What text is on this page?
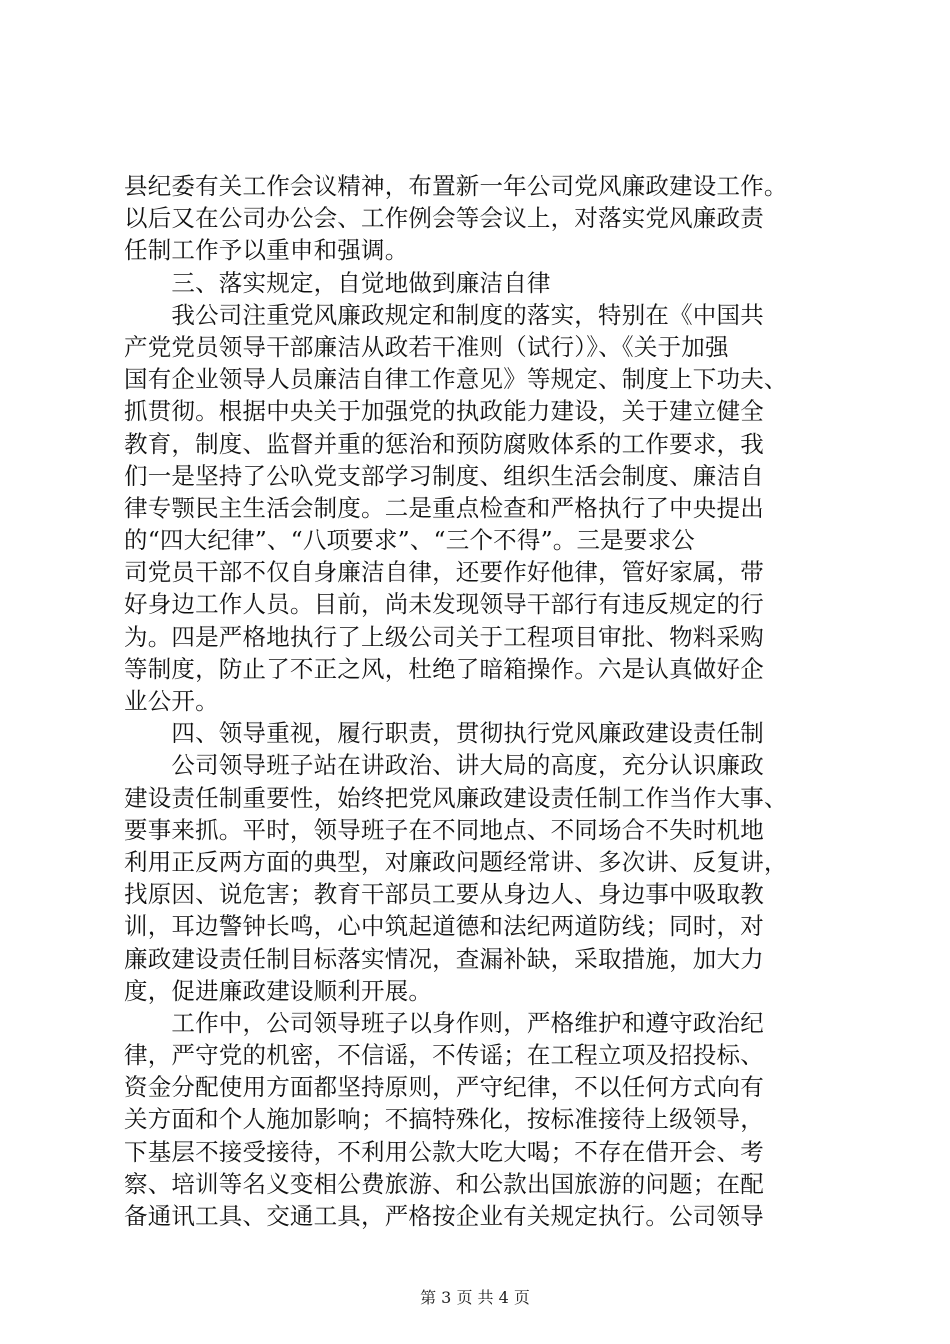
县纪委有关工作会议精神，布置新一年公司党风廉政建设工作。
以后又在公司办公会、工作例会等会议上，对落实党风廉政责
任制工作予以重申和强调。
　　三、落实规定，自觉地做到廉洁自律
　　我公司注重党风廉政规定和制度的落实，特别在《中国共
产党党员领导干部廉洁从政若干准则（试行）》、《关于加强
国有企业领导人员廉洁自律工作意见》等规定、制度上下功夫、
抓贯彻。根据中央关于加强党的执政能力建设，关于建立健全
教育，制度、监督并重的惩治和预防腐败体系的工作要求，我
们一是坚持了公叺党支部学习制度、组织生活会制度、廉洁自
律专颚民主生活会制度。二是重点检查和严格执行了中央提出
的“四大纪律”、“八项要求”、“三个不得”。三是要求公
司党员干部不仅自身廉洁自律，还要作好他律，管好家属，带
好身边工作人员。目前，尚未发现领导干部行有违反规定的行
为。四是严格地执行了上级公司关于工程项目审批、物料采购
等制度，防止了不正之风，杜绝了暗箱操作。六是认真做好企
业公开。
　　四、领导重视，履行职责，贯彻执行党风廉政建设责任制
　　公司领导班子站在讲政治、讲大局的高度，充分认识廉政
建设责任制重要性，始终把党风廉政建设责任制工作当作大事、
要事来抓。平时，领导班子在不同地点、不同场合不失时机地
利用正反两方面的典型，对廉政问题经常讲、多次讲、反复讲，
找原因、说危害；教育干部员工要从身边人、身边事中吸取教
训，耳边警钟长鸣，心中筑起道德和法纪两道防线；同时，对
廉政建设责任制目标落实情况，查漏补缺，采取措施，加大力
度，促进廉政建设顺利开展。
　　工作中，公司领导班子以身作则，严格维护和遵守政治纪
律，严守党的机密，不信谣，不传谣；在工程立项及招投标、
资金分配使用方面都坚持原则，严守纪律，不以任何方式向有
关方面和个人施加影响；不搞特殊化，按标准接待上级领导，
下基层不接受接待，不利用公款大吃大喝；不存在借开会、考
察、培训等名义变相公费旅游、和公款出国旅游的问题；在配
备通讯工具、交通工具，严格按企业有关规定执行。公司领导
第 3 页 共 4 页
